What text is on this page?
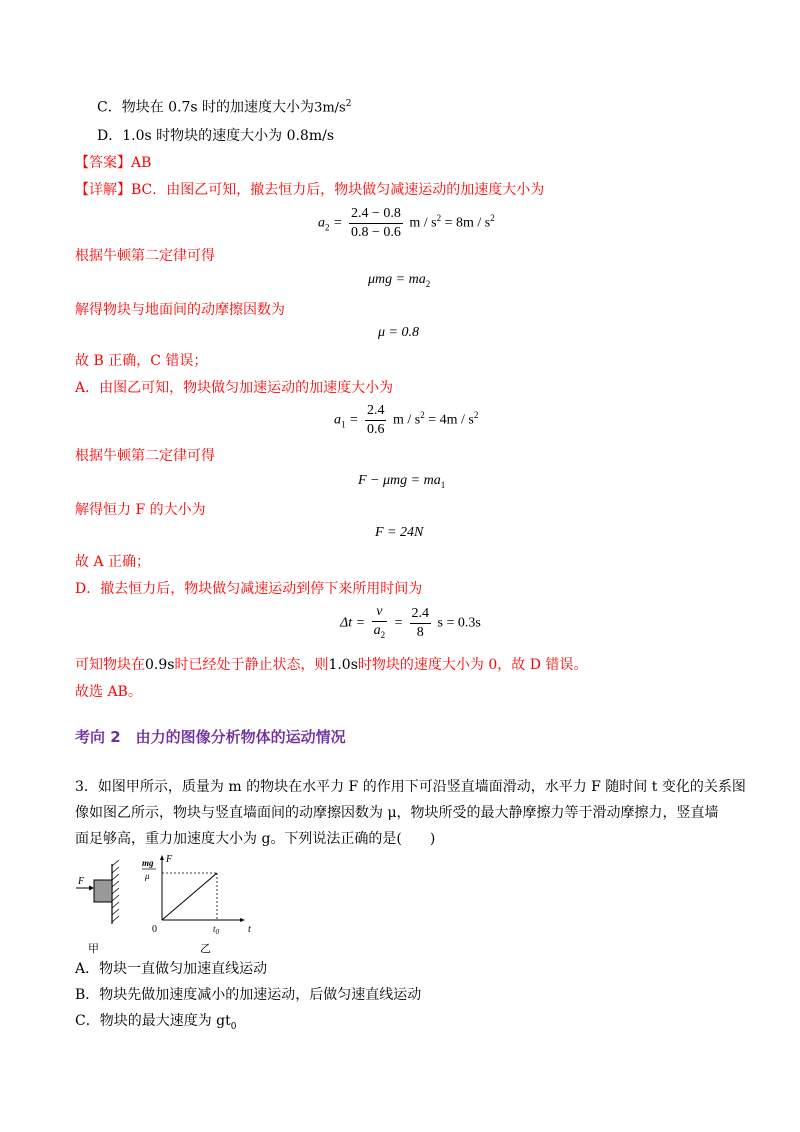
C．物块在 0.7s 时的加速度大小为$3m/s^2$
D．1.0s 时物块的速度大小为 0.8m/s
【答案】AB
【详解】BC．由图乙可知，撤去恒力后，物块做匀减速运动的加速度大小为
$a_2 = \frac{2.4 - 0.8}{0.8 - 0.6}$ $m / s^2 = 8m / s^2$
根据牛顿第二定律可得
$\mu mg = ma_2$
解得物块与地面间的动摩擦因数为
μ = 0.8
故 B 正确，C 错误；
A．由图乙可知，物块做匀加速运动的加速度大小为
$a_1 = \frac{2.4}{0.6}$ $m / s^2 = 4m / s^2$
根据牛顿第二定律可得
$F - \mu mg = ma_1$
解得恒力 F 的大小为
F = 24N
故 A 正确；
D．撤去恒力后，物块做匀减速运动到停下来所用时间为
$\Delta t = \frac{v}{a_2} = \frac{2.4}{8}$ s = 0.3s
可知物块在0.9s时已经处于静止状态，则1.0s时物块的速度大小为 0，故 D 错误。
故选 AB。
考向 2　由力的图像分析物体的运动情况
3．如图甲所示，质量为 m 的物块在水平力 F 的作用下可沿竖直墙面滑动，水平力 F 随时间 t 变化的关系图
像如图乙所示，物块与竖直墙面间的动摩擦因数为 μ，物块所受的最大静摩擦力等于滑动摩擦力，竖直墙
面足够高，重力加速度大小为 g。下列说法正确的是(　　)
F
甲
F
t
mg
μ
0	$t_0$
乙
A．物块一直做匀加速直线运动
B．物块先做加速度减小的加速运动，后做匀速直线运动
C．物块的最大速度为 $gt_0$
